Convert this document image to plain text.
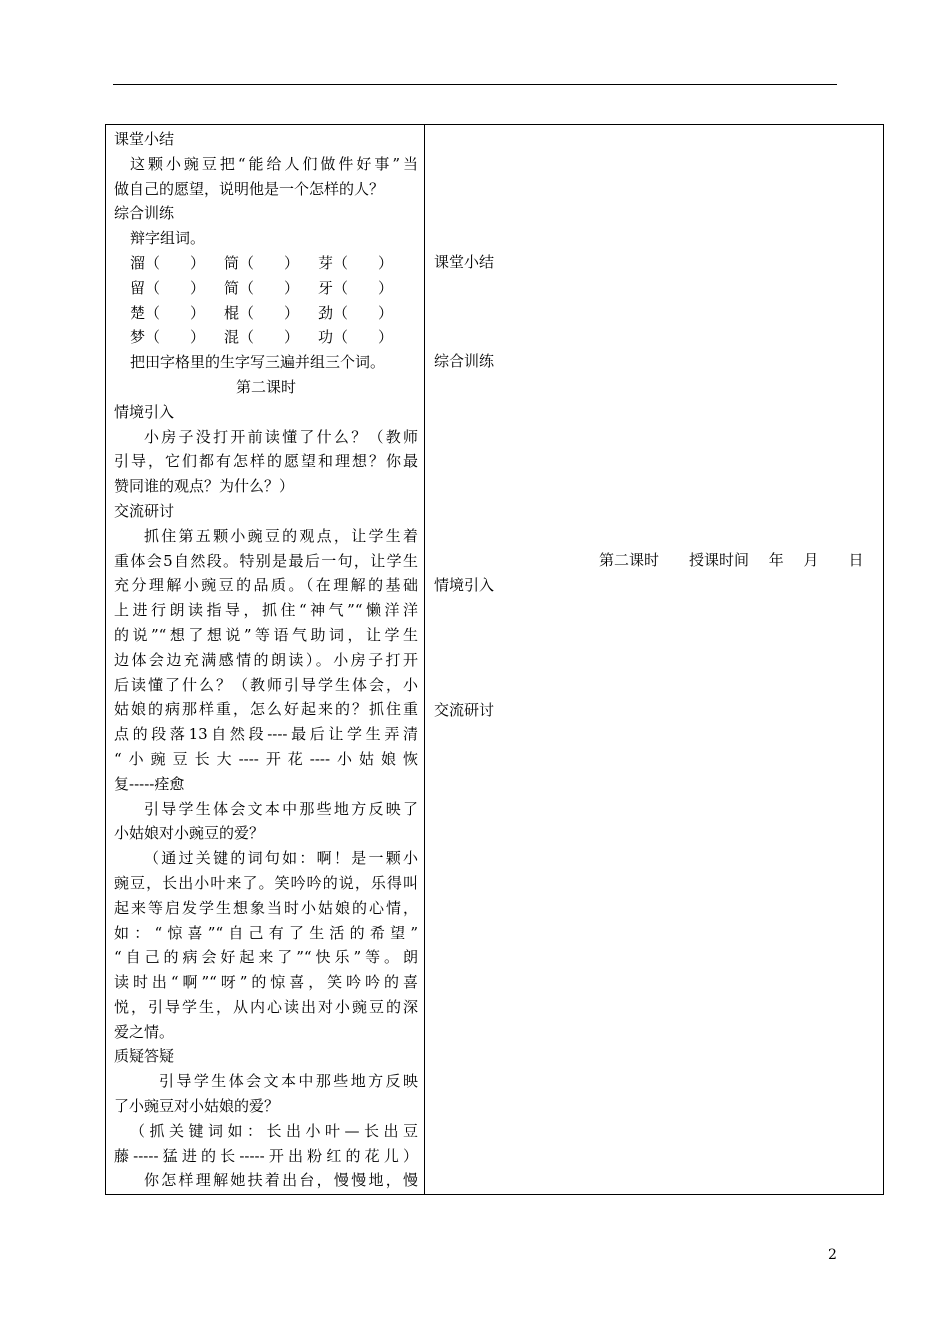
课堂小结
这颗小豌豆把“能给人们做件好事”当
做自己的愿望，说明他是一个怎样的人？
综合训练
辩字组词。
溜（　　）	筒（　　）	芽（　　）
留（　　）	简（　　）	牙（　　）
楚（　　）	棍（　　）	劲（　　）
梦（　　）	混（　　）	功（　　）
把田字格里的生字写三遍并组三个词。
第二课时
情境引入
小房子没打开前读懂了什么？（教师
引导，它们都有怎样的愿望和理想？你最
赞同谁的观点？为什么？）
交流研讨
抓住第五颗小豌豆的观点，让学生着
重体会5自然段。特别是最后一句，让学生
充分理解小豌豆的品质。（在理解的基础
上进行朗读指导，抓住“神气”“懒洋洋
的说”“想了想说”等语气助词，让学生
边体会边充满感情的朗读）。小房子打开
后读懂了什么？（教师引导学生体会，小
姑娘的病那样重，怎么好起来的？抓住重
点的段落13自然段----最后让学生弄清
“小豌豆长大----开花----小姑娘恢
复-----痊愈
引导学生体会文本中那些地方反映了
小姑娘对小豌豆的爱？
（通过关键的词句如：啊！是一颗小
豌豆，长出小叶来了。笑吟吟的说，乐得叫
起来等启发学生想象当时小姑娘的心情，
如：“惊喜”“自己有了生活的希望”
“自己的病会好起来了”“快乐”等。朗
读时出“啊”“呀”的惊喜，笑吟吟的喜
悦，引导学生，从内心读出对小豌豆的深
爱之情。
质疑答疑
引导学生体会文本中那些地方反映
了小豌豆对小姑娘的爱？
（抓关键词如：长出小叶—长出豆
藤-----猛进的长-----开出粉红的花儿）
你怎样理解她扶着出台，慢慢地，慢
课堂小结
综合训练
情境引入
交流研讨
第二课时　　授课时间　 年　 月　　日
2
